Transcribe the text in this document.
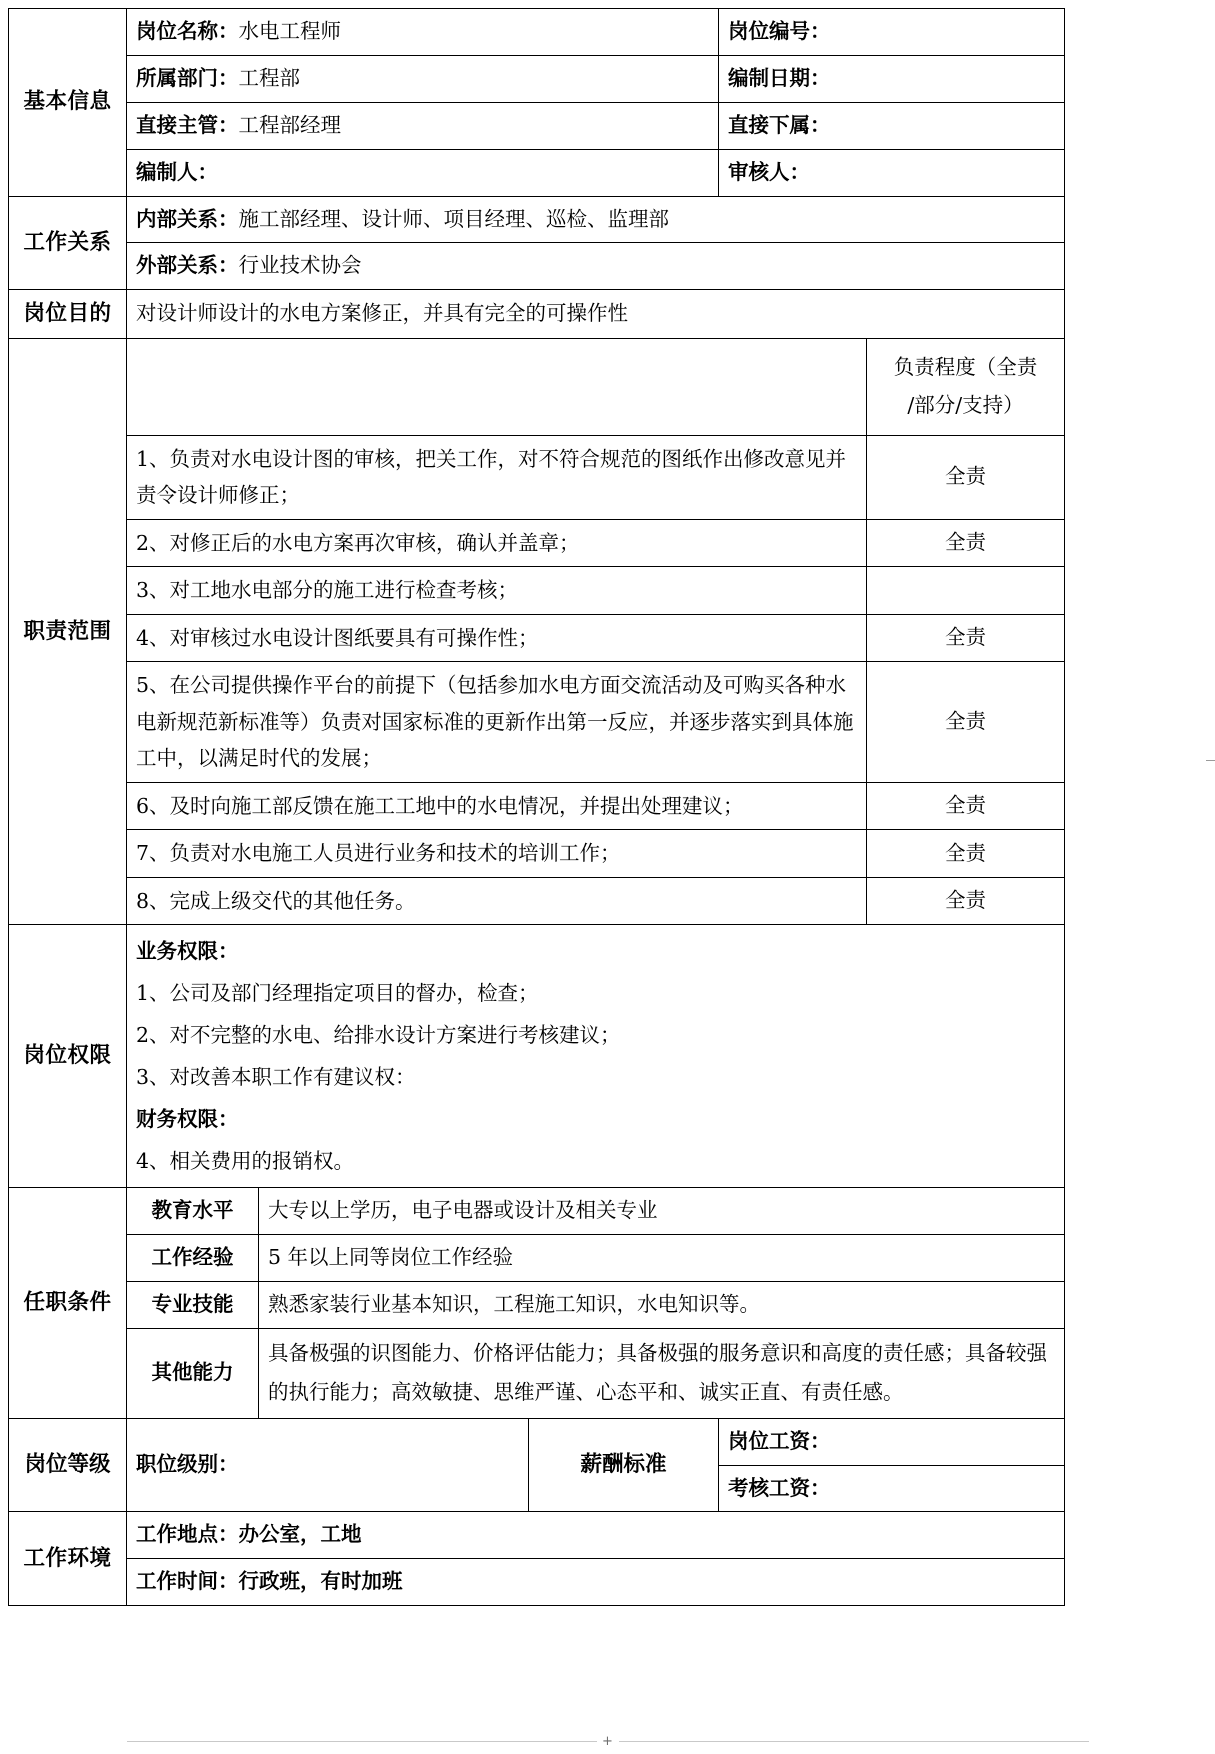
基本信息	岗位名称：水电工程师			岗位编号：	
	所属部门：工程部			编制日期：	
	直接主管：工程部经理			直接下属：	
	编制人：			审核人：	
工作关系	内部关系：施工部经理、设计师、项目经理、巡检、监理部				
	外部关系：行业技术协会				
岗位目的	对设计师设计的水电方案修正，并具有完全的可操作性				
职责范围					负责程度（全责
/部分/支持）

	1、负责对水电设计图的审核，把关工作，对不符合规范的图纸作出修改意见并责令设计师修正；				全责
	2、对修正后的水电方案再次审核，确认并盖章；				全责
	3、对工地水电部分的施工进行检查考核；				
	4、对审核过水电设计图纸要具有可操作性；				全责
	5、在公司提供操作平台的前提下（包括参加水电方面交流活动及可购买各种水电新规范新标准等）负责对国家标准的更新作出第一反应，并逐步落实到具体施工中，以满足时代的发展；				全责
	6、及时向施工部反馈在施工工地中的水电情况，并提出处理建议；				全责
	7、负责对水电施工人员进行业务和技术的培训工作；				全责
	8、完成上级交代的其他任务。				全责
岗位权限	
业务权限：
1、公司及部门经理指定项目的督办，检查；
2、对不完整的水电、给排水设计方案进行考核建议；
3、对改善本职工作有建议权：
财务权限：
4、相关费用的报销权。

任职条件	教育水平	大专以上学历，电子电器或设计及相关专业			
	工作经验	5 年以上同等岗位工作经验			
	专业技能	熟悉家装行业基本知识，工程施工知识，水电知识等。			
	其他能力	具备极强的识图能力、价格评估能力；具备极强的服务意识和高度的责任感；具备较强的执行能力；高效敏捷、思维严谨、心态平和、诚实正直、有责任感。			
岗位等级	职位级别：		薪酬标准	岗位工资：	
				考核工资：	
工作环境	工作地点：办公室，工地				
	工作时间：行政班，有时加班				
+
